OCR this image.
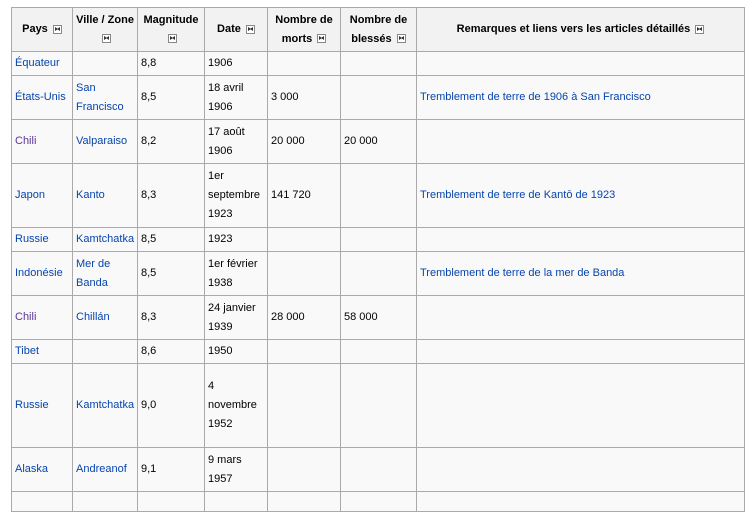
Pays	Ville / Zone	Magnitude	Date	Nombre de morts	Nombre de blessés	Remarques et liens vers les articles détaillés
Équateur		8,8	1906			
États-Unis	San Francisco	8,5	18 avril 1906	3 000		Tremblement de terre de 1906 à San Francisco
Chili	Valparaiso	8,2	17 août 1906	20 000	20 000	
Japon	Kanto	8,3	1er septembre 1923	141 720		Tremblement de terre de Kantō de 1923
Russie	Kamtchatka	8,5	1923			
Indonésie	Mer de Banda	8,5	1er février 1938			Tremblement de terre de la mer de Banda
Chili	Chillán	8,3	24 janvier 1939	28 000	58 000	
Tibet		8,6	1950			
Russie	Kamtchatka	9,0	4 novembre 1952			
Alaska	Andreanof	9,1	9 mars 1957			
